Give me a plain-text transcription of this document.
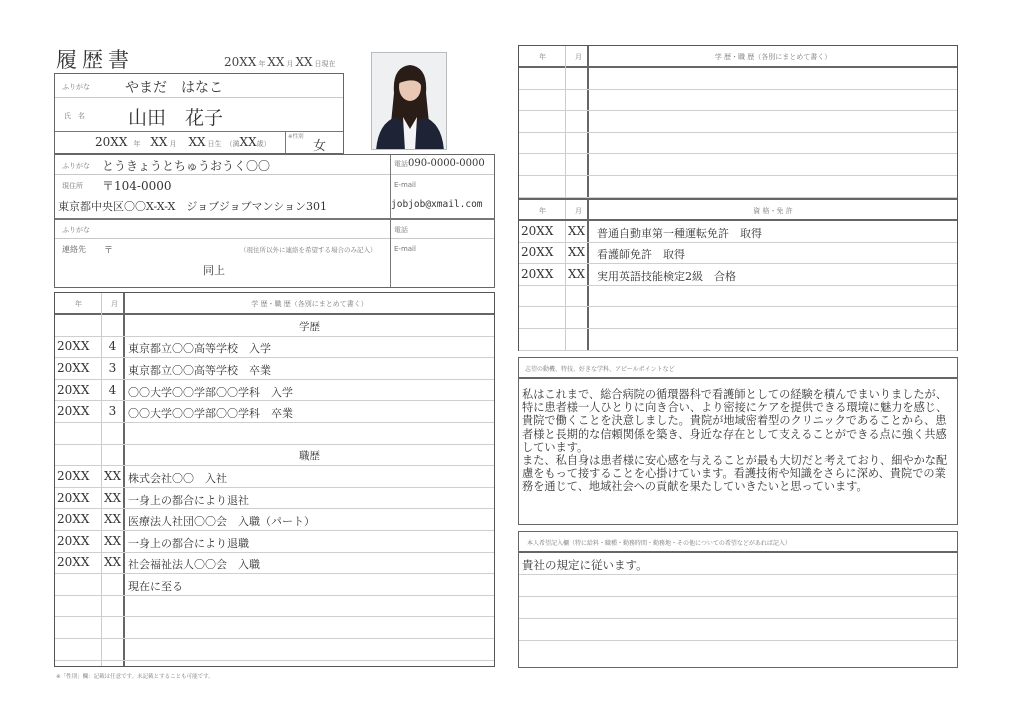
履歴書	20XX 年 XX 月 XX 日現在
ふりがな	やまだ　はなこ
氏　名 山田　花子
20XX 年 XX 月 XX 日生 （満XX歳）
※性別
女
ふりがな とうきょうとちゅうおうく〇〇
現住所 〒104-0000
東京都中央区〇〇X-X-X　ジョブジョブマンション301
電話090-0000-0000
E-mail
jobjob@xmail.com
ふりがな
連絡先 〒	（現住所以外に連絡を希望する場合のみ記入）
同上
電話
E-mail
年	月	学 歴・職 歴（各別にまとめて書く）
学歴
20XX	4	東京都立〇〇高等学校　入学
20XX	3	東京都立〇〇高等学校　卒業
20XX	4	〇〇大学〇〇学部〇〇学科　入学
20XX	3	〇〇大学〇〇学部〇〇学科　卒業
職歴
20XX XX 株式会社〇〇　入社
20XX XX 一身上の都合により退社
20XX XX 医療法人社団〇〇会　入職（パート）
20XX XX 一身上の都合により退職
20XX XX 社会福祉法人〇〇会　入職
現在に至る
※「性別」欄：記載は任意です。未記載とすることも可能です。
年	月	学 歴・職 歴（各別にまとめて書く）
年	月	資 格・免 許
20XX XX 普通自動車第一種運転免許　取得
20XX XX 看護師免許　取得
20XX XX 実用英語技能検定2級　合格
志望の動機、特技、好きな学科、アピールポイントなど
私はこれまで、総合病院の循環器科で看護師としての経験を積んでまいりましたが、特に患者様一人ひとりに向き合い、より密接にケアを提供できる環境に魅力を感じ、貴院で働くことを決意しました。貴院が地域密着型のクリニックであることから、患者様と長期的な信頼関係を築き、身近な存在として支えることができる点に強く共感しています。
また、私自身は患者様に安心感を与えることが最も大切だと考えており、細やかな配慮をもって接することを心掛けています。看護技術や知識をさらに深め、貴院での業務を通じて、地域社会への貢献を果たしていきたいと思っています。
本人希望記入欄（特に給料・職種・勤務時間・勤務地・その他についての希望などがあれば記入）
貴社の規定に従います。
